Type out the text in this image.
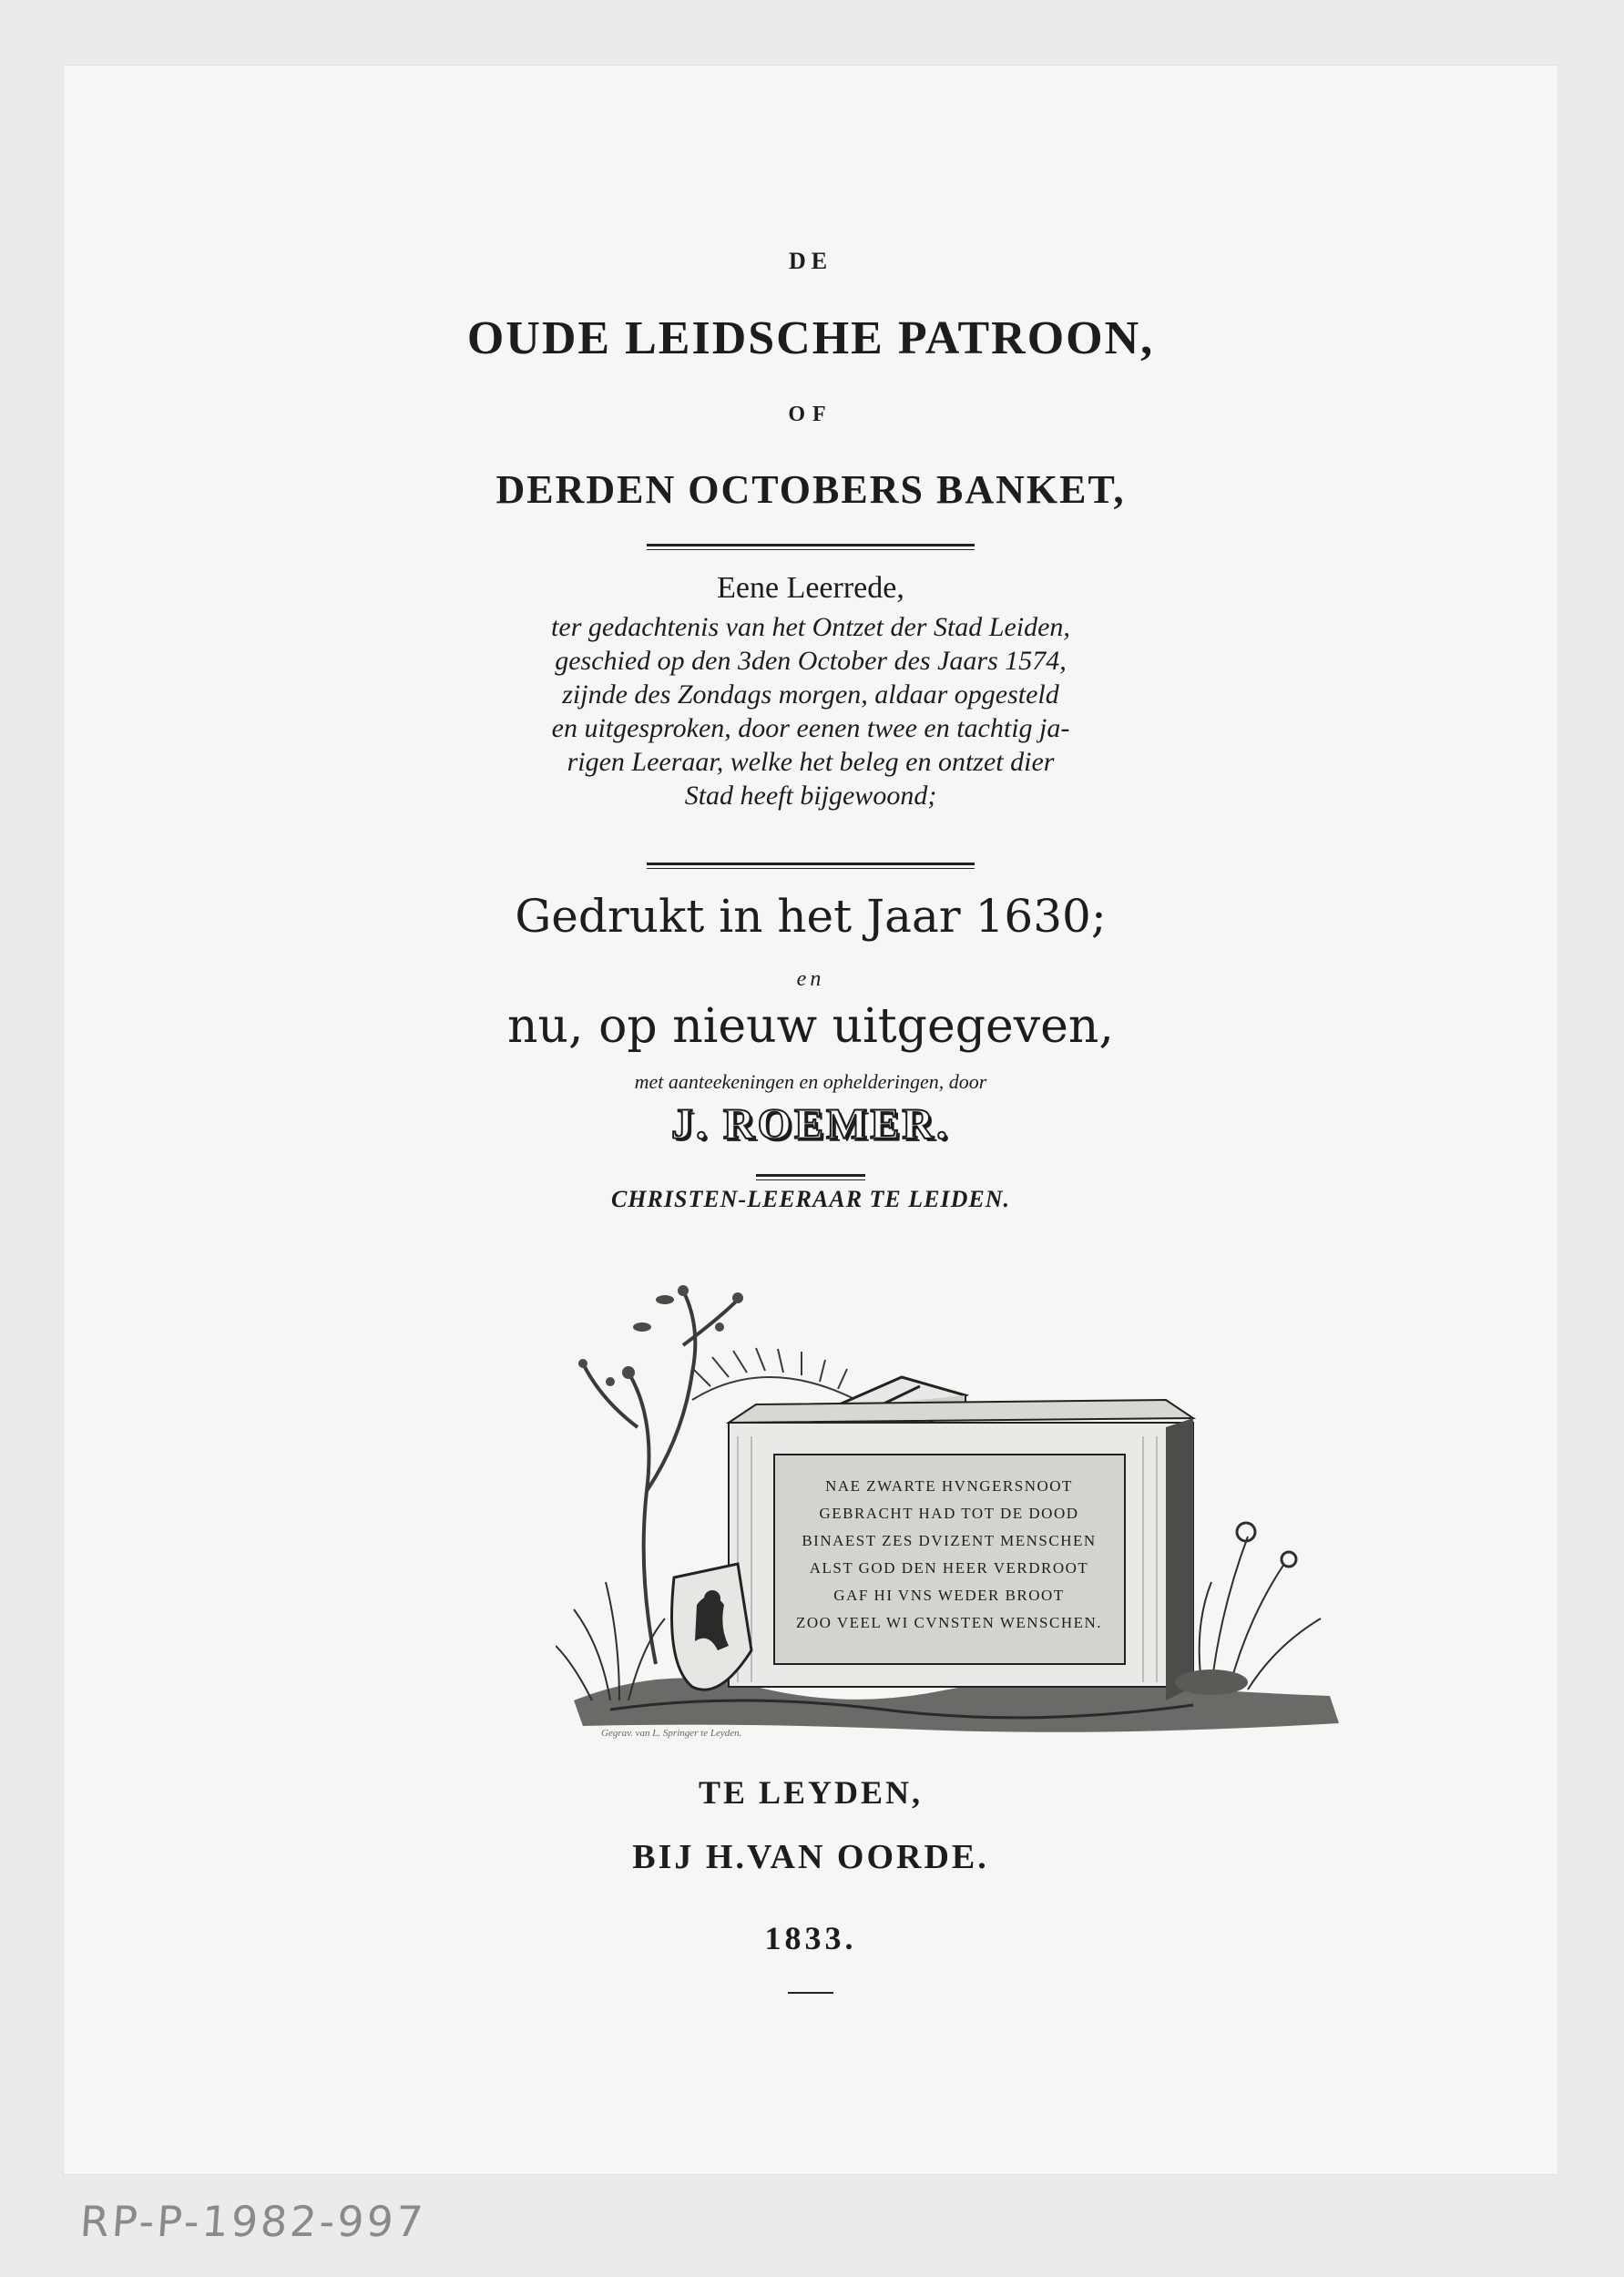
DE
OUDE LEIDSCHE PATROON,
OF
DERDEN OCTOBERS BANKET,
Eene Leerrede,
ter gedachtenis van het Ontzet der Stad Leiden,
geschied op den 3den October des Jaars 1574,
zijnde des Zondags morgen, aldaar opgesteld
en uitgesproken, door eenen twee en tachtig ja-
rigen Leeraar, welke het beleg en ontzet dier
Stad heeft bijgewoond;
Gedrukt in het Jaar 1630;
en
nu, op nieuw uitgegeven,
met aanteekeningen en ophelderingen, door
J. ROEMER.
CHRISTEN-LEERAAR TE LEIDEN.
NAE ZWARTE HVNGERSNOOT
GEBRACHT HAD TOT DE DOOD
BINAEST ZES DVIZENT MENSCHEN
ALST GOD DEN HEER VERDROOT
GAF HI VNS WEDER BROOT
ZOO VEEL WI CVNSTEN WENSCHEN.
Gegrav. van L. Springer te Leyden.
TE LEYDEN,
BIJ H.VAN OORDE.
1833.
RP-P-1982-997
